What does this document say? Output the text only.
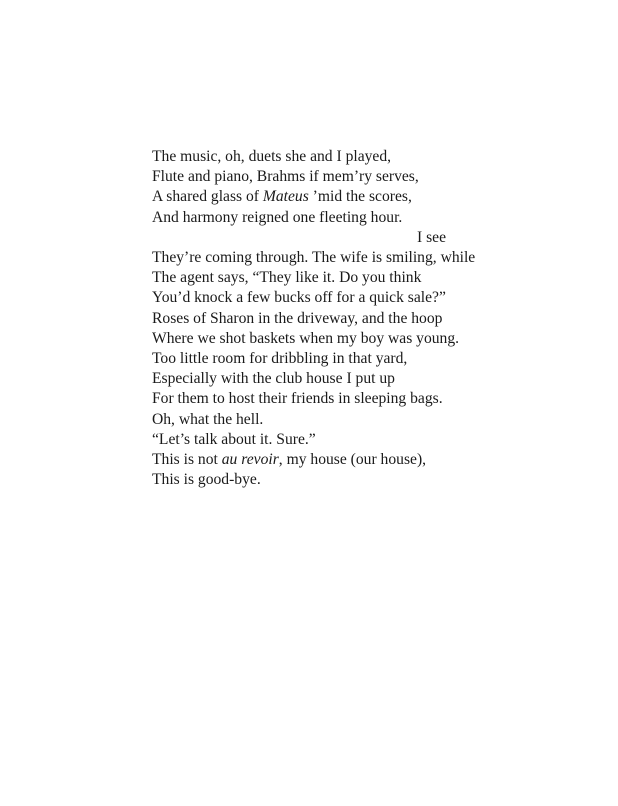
The music, oh, duets she and I played,
Flute and piano, Brahms if mem’ry serves,
A shared glass of Mateus ’mid the scores,
And harmony reigned one fleeting hour.
I see
They’re coming through. The wife is smiling, while
The agent says, “They like it. Do you think
You’d knock a few bucks off for a quick sale?”
Roses of Sharon in the driveway, and the hoop
Where we shot baskets when my boy was young.
Too little room for dribbling in that yard,
Especially with the club house I put up
For them to host their friends in sleeping bags.
Oh, what the hell.
“Let’s talk about it. Sure.”
This is not au revoir, my house (our house),
This is good-bye.
